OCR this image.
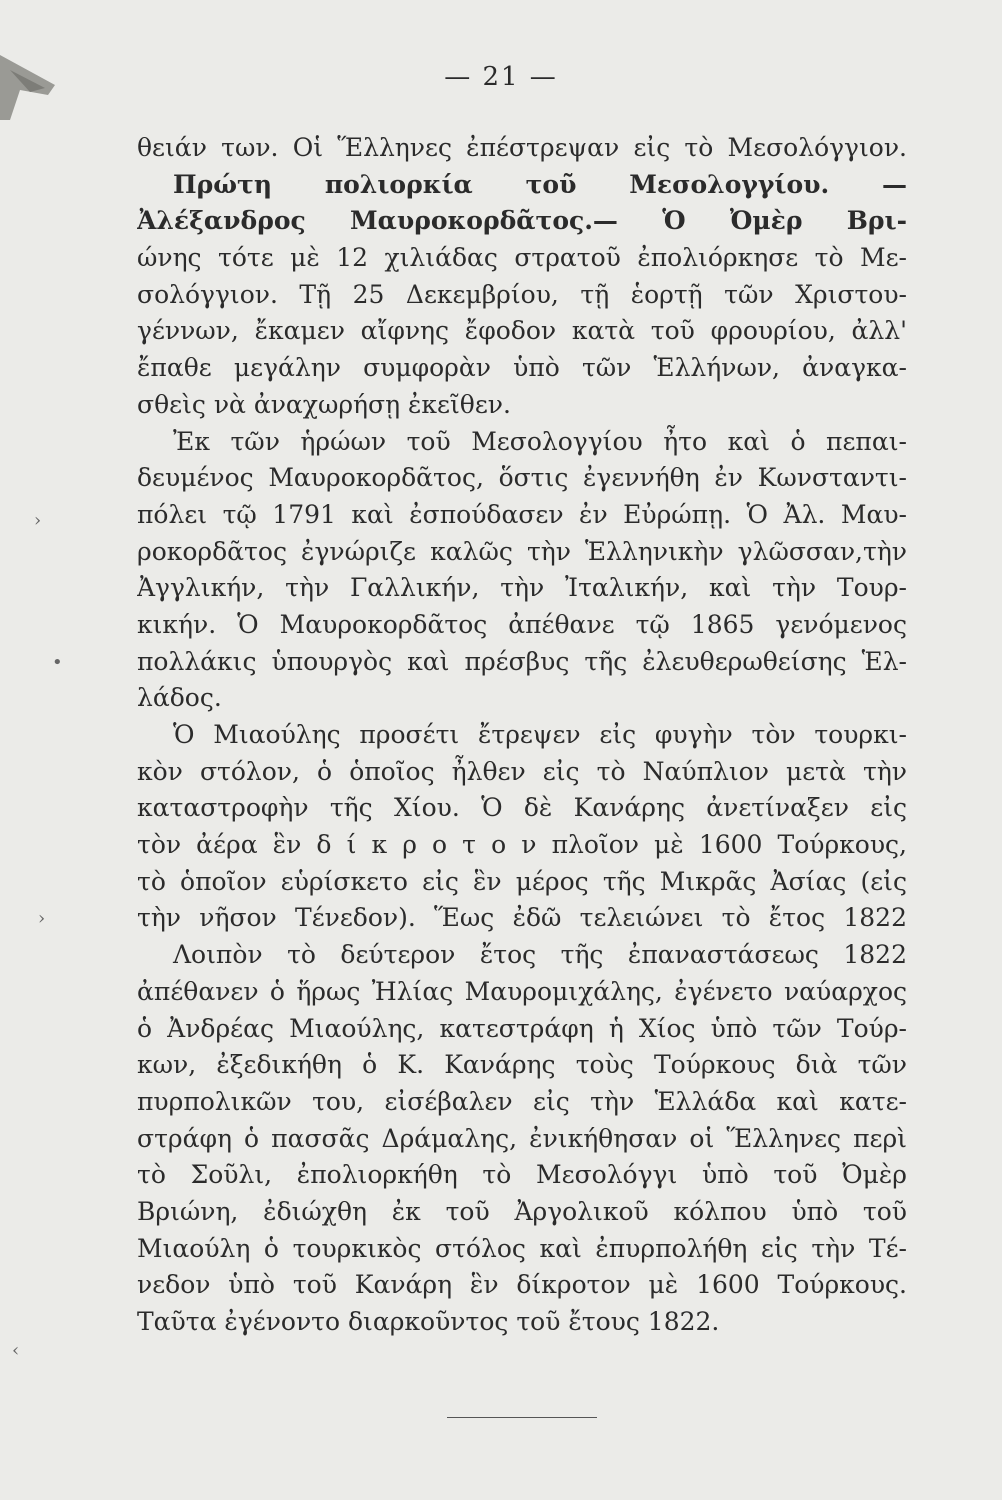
— 21 —
θειάν των. Οἱ Ἕλληνες ἐπέστρεψαν εἰς τὸ Μεσολόγγιον.
Πρώτη πολιορκία τοῦ Μεσολογγίου. —
Ἀλέξανδρος Μαυροκορδᾶτος.— Ὁ Ὀμὲρ Βρι-
ώνης τότε μὲ 12 χιλιάδας στρατοῦ ἐπολιόρκησε τὸ Με-
σολόγγιον. Τῇ 25 Δεκεμβρίου, τῇ ἑορτῇ τῶν Χριστου-
γέννων, ἔκαμεν αἴφνης ἔφοδον κατὰ τοῦ φρουρίου, ἀλλ'
ἔπαθε μεγάλην συμφορὰν ὑπὸ τῶν Ἑλλήνων, ἀναγκα-
σθεὶς νὰ ἀναχωρήσῃ ἐκεῖθεν.
Ἐκ τῶν ἡρώων τοῦ Μεσολογγίου ἦτο καὶ ὁ πεπαι-
δευμένος Μαυροκορδᾶτος, ὅστις ἐγεννήθη ἐν Κωνσταντι-
πόλει τῷ 1791 καὶ ἐσπούδασεν ἐν Εὐρώπῃ. Ὁ Ἀλ. Μαυ-
ροκορδᾶτος ἐγνώριζε καλῶς τὴν Ἑλληνικὴν γλῶσσαν,τὴν
Ἀγγλικήν, τὴν Γαλλικήν, τὴν Ἰταλικήν, καὶ τὴν Τουρ-
κικήν. Ὁ Μαυροκορδᾶτος ἀπέθανε τῷ 1865 γενόμενος
πολλάκις ὑπουργὸς καὶ πρέσβυς τῆς ἐλευθερωθείσης Ἑλ-
λάδος.
Ὁ Μιαούλης προσέτι ἔτρεψεν εἰς φυγὴν τὸν τουρκι-
κὸν στόλον, ὁ ὁποῖος ἦλθεν εἰς τὸ Ναύπλιον μετὰ τὴν
καταστροφὴν τῆς Χίου. Ὁ δὲ Κανάρης ἀνετίναξεν εἰς
τὸν ἀέρα ἓν δ ί κ ρ ο τ ο ν πλοῖον μὲ 1600 Τούρκους,
τὸ ὁποῖον εὑρίσκετο εἰς ἓν μέρος τῆς Μικρᾶς Ἀσίας (εἰς
τὴν νῆσον Τένεδον). Ἕως ἐδῶ τελειώνει τὸ ἔτος 1822
Λοιπὸν τὸ δεύτερον ἔτος τῆς ἐπαναστάσεως 1822
ἀπέθανεν ὁ ἥρως Ἠλίας Μαυρομιχάλης, ἐγένετο ναύαρχος
ὁ Ἀνδρέας Μιαούλης, κατεστράφη ἡ Χίος ὑπὸ τῶν Τούρ-
κων, ἐξεδικήθη ὁ Κ. Κανάρης τοὺς Τούρκους διὰ τῶν
πυρπολικῶν του, εἰσέβαλεν εἰς τὴν Ἑλλάδα καὶ κατε-
στράφη ὁ πασσᾶς Δράμαλης, ἐνικήθησαν οἱ Ἕλληνες περὶ
τὸ Σοῦλι, ἐπολιορκήθη τὸ Μεσολόγγι ὑπὸ τοῦ Ὀμὲρ
Βριώνη, ἐδιώχθη ἐκ τοῦ Ἀργολικοῦ κόλπου ὑπὸ τοῦ
Μιαούλη ὁ τουρκικὸς στόλος καὶ ἐπυρπολήθη εἰς τὴν Τέ-
νεδον ὑπὸ τοῦ Κανάρη ἓν δίκροτον μὲ 1600 Τούρκους.
Ταῦτα ἐγένοντο διαρκοῦντος τοῦ ἔτους 1822.
›
›
•
‹
